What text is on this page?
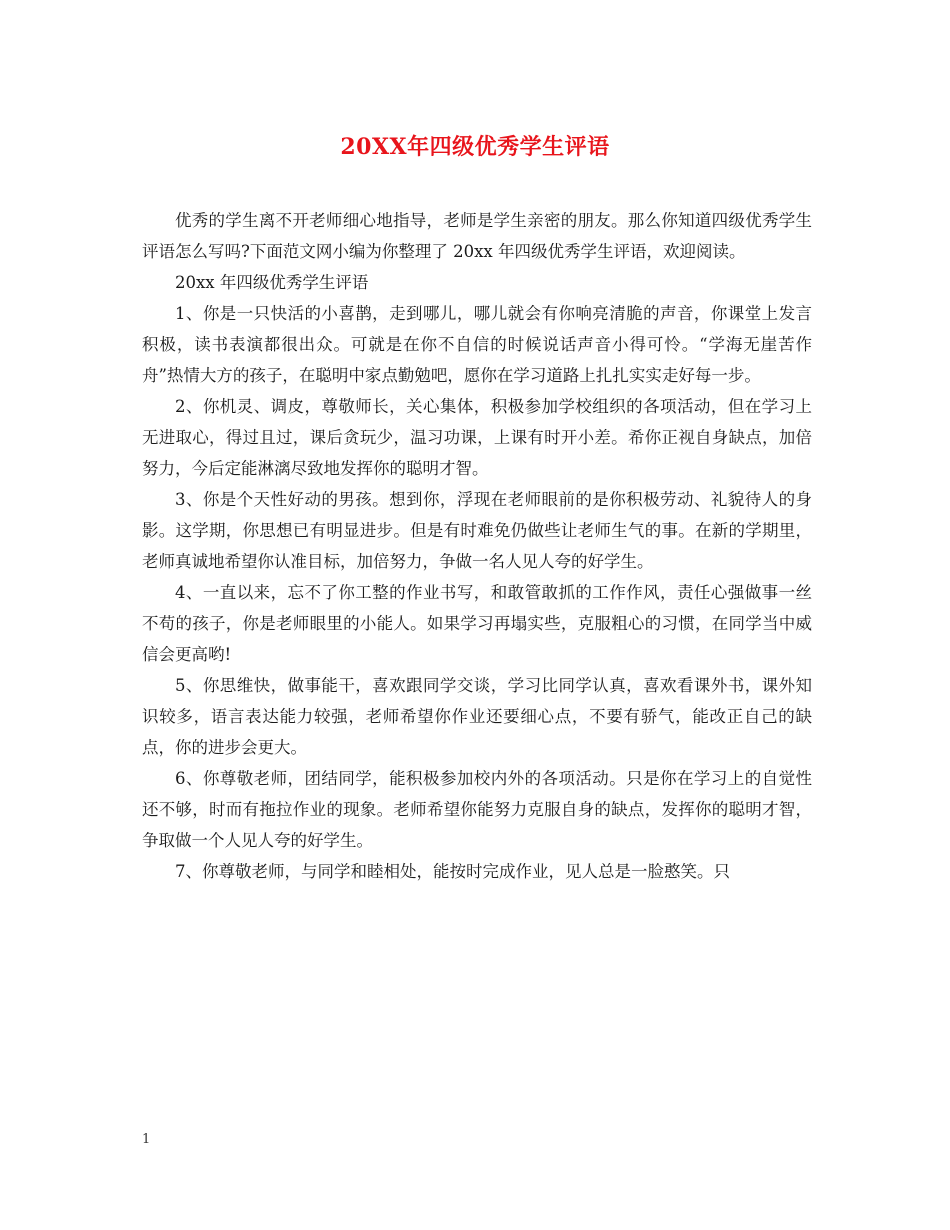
20XX年四级优秀学生评语

优秀的学生离不开老师细心地指导，老师是学生亲密的朋友。那么你知道四级优秀学生评语怎么写吗?下面范文网小编为你整理了 20xx 年四级优秀学生评语，欢迎阅读。

20xx 年四级优秀学生评语

1、你是一只快活的小喜鹊，走到哪儿，哪儿就会有你响亮清脆的声音，你课堂上发言积极，读书表演都很出众。可就是在你不自信的时候说话声音小得可怜。“学海无崖苦作舟”热情大方的孩子，在聪明中家点勤勉吧，愿你在学习道路上扎扎实实走好每一步。

2、你机灵、调皮，尊敬师长，关心集体，积极参加学校组织的各项活动，但在学习上无进取心，得过且过，课后贪玩少，温习功课，上课有时开小差。希你正视自身缺点，加倍努力，今后定能淋漓尽致地发挥你的聪明才智。

3、你是个天性好动的男孩。想到你，浮现在老师眼前的是你积极劳动、礼貌待人的身影。这学期，你思想已有明显进步。但是有时难免仍做些让老师生气的事。在新的学期里，老师真诚地希望你认准目标，加倍努力，争做一名人见人夸的好学生。

4、一直以来，忘不了你工整的作业书写，和敢管敢抓的工作作风，责任心强做事一丝不苟的孩子，你是老师眼里的小能人。如果学习再塌实些，克服粗心的习惯，在同学当中威信会更高哟!

5、你思维快，做事能干，喜欢跟同学交谈，学习比同学认真，喜欢看课外书，课外知识较多，语言表达能力较强，老师希望你作业还要细心点，不要有骄气，能改正自己的缺点，你的进步会更大。

6、你尊敬老师，团结同学，能积极参加校内外的各项活动。只是你在学习上的自觉性还不够，时而有拖拉作业的现象。老师希望你能努力克服自身的缺点，发挥你的聪明才智，争取做一个人见人夸的好学生。

7、你尊敬老师，与同学和睦相处，能按时完成作业，见人总是一脸憨笑。只

1
